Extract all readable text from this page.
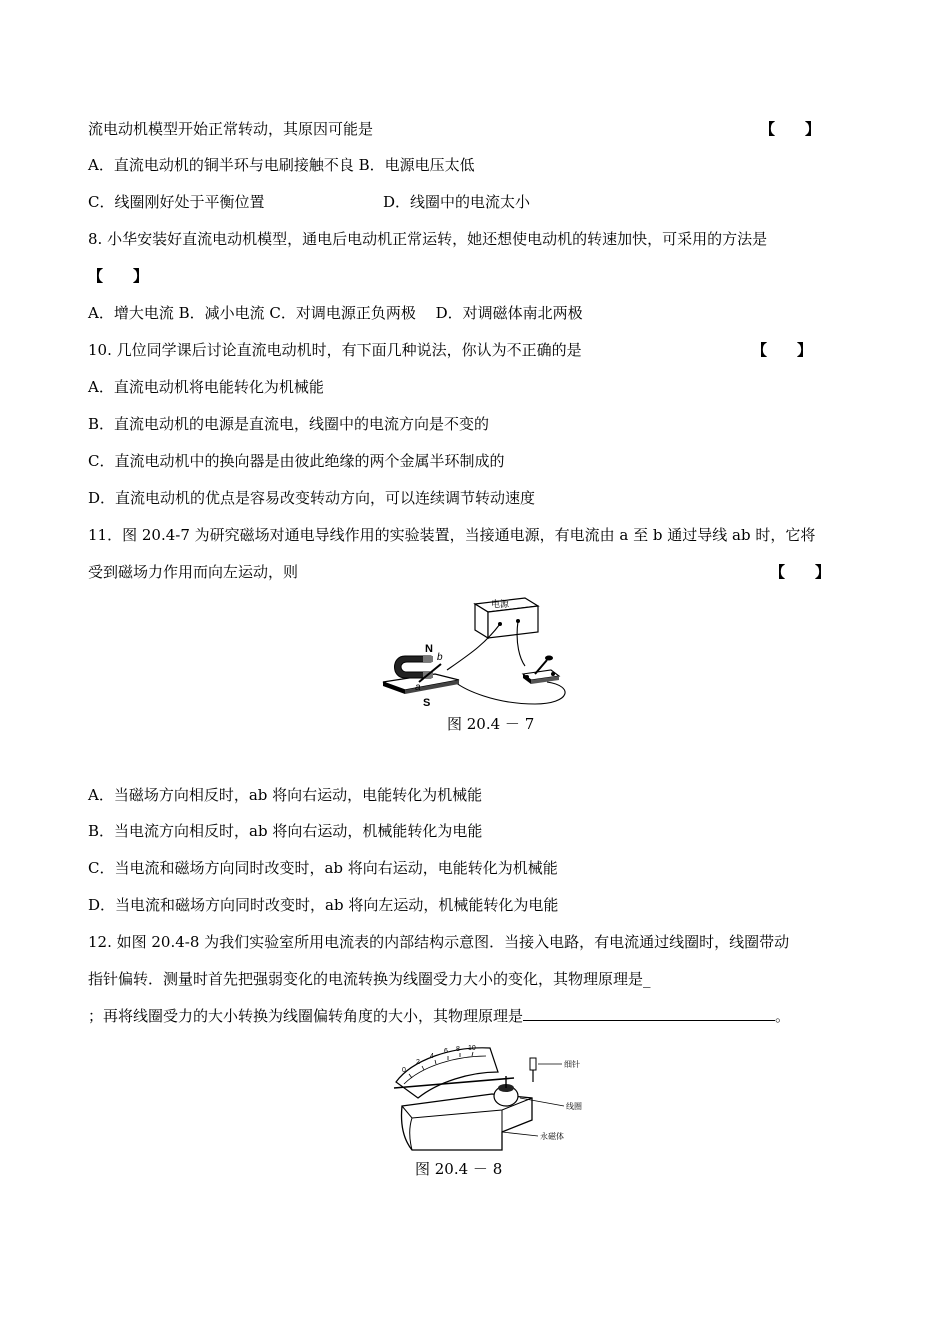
流电动机模型开始正常转动，其原因可能是	【　　】
A．直流电动机的铜半环与电刷接触不良 B．电源电压太低
C．线圈刚好处于平衡位置	D．线圈中的电流太小
8. 小华安装好直流电动机模型，通电后电动机正常运转，她还想使电动机的转速加快，可采用的方法是
【　　】
A．增大电流 B．减小电流 C．对调电源正负两极　 D．对调磁体南北两极
10. 几位同学课后讨论直流电动机时，有下面几种说法，你认为不正确的是	【　　】
A．直流电动机将电能转化为机械能
B．直流电动机的电源是直流电，线圈中的电流方向是不变的
C．直流电动机中的换向器是由彼此绝缘的两个金属半环制成的
D．直流电动机的优点是容易改变转动方向，可以连续调节转动速度
11．图 20.4-7 为研究磁场对通电导线作用的实验装置，当接通电源，有电流由 a 至 b 通过导线 ab 时，它将
受到磁场力作用而向左运动，则	【　　】
电源
N
S
a
b
图 20.4 － 7
A．当磁场方向相反时，ab 将向右运动，电能转化为机械能
B．当电流方向相反时，ab 将向右运动，机械能转化为电能
C．当电流和磁场方向同时改变时，ab 将向右运动，电能转化为机械能
D．当电流和磁场方向同时改变时，ab 将向左运动，机械能转化为电能
12. 如图 20.4-8 为我们实验室所用电流表的内部结构示意图．当接入电路，有电流通过线圈时，线圈带动
指针偏转．测量时首先把强弱变化的电流转换为线圈受力大小的变化，其物理原理是_
；再将线圈受力的大小转换为线圈偏转角度的大小，其物理原理是	。
0
2
4
6 8 10
细针
线圈
永磁体
图 20.4 － 8
